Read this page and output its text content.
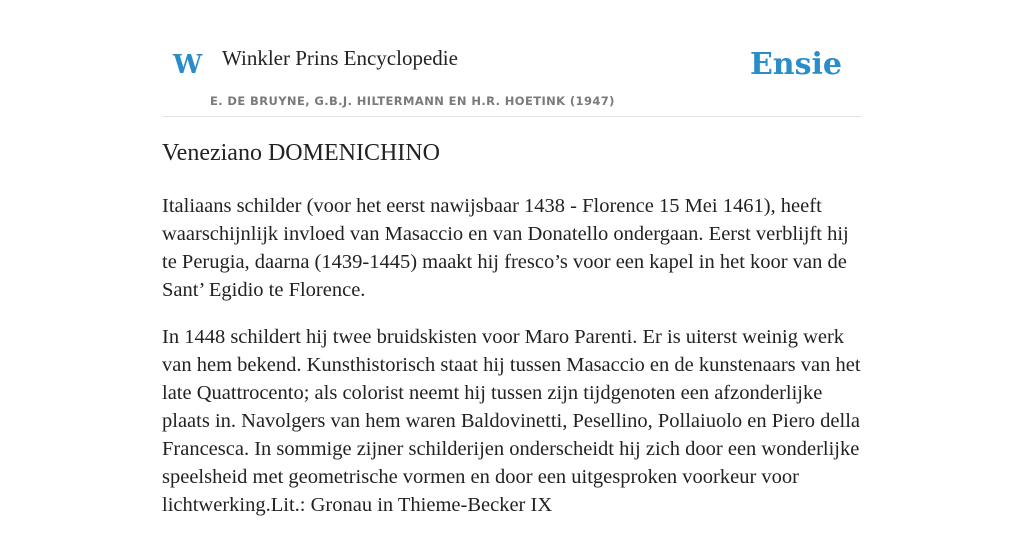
W Winkler Prins Encyclopedie
E. DE BRUYNE, G.B.J. HILTERMANN EN H.R. HOETINK (1947)
Ensie
Veneziano DOMENICHINO

Italiaans schilder (voor het eerst nawijsbaar 1438 - Florence 15 Mei 1461), heeft waarschijnlijk invloed van Masaccio en van Donatello ondergaan. Eerst verblijft hij te Perugia, daarna (1439-1445) maakt hij fresco’s voor een kapel in het koor van de Sant’ Egidio te Florence.

In 1448 schildert hij twee bruidskisten voor Maro Parenti. Er is uiterst weinig werk van hem bekend. Kunsthistorisch staat hij tussen Masaccio en de kunstenaars van het late Quattrocento; als colorist neemt hij tussen zijn tijdgenoten een afzonderlijke plaats in. Navolgers van hem waren Baldovinetti, Pesellino, Pollaiuolo en Piero della Francesca. In sommige zijner schilderijen onderscheidt hij zich door een wonderlijke speelsheid met geometrische vormen en door een uitgesproken voorkeur voor lichtwerking.Lit.: Gronau in Thieme-Becker IX
